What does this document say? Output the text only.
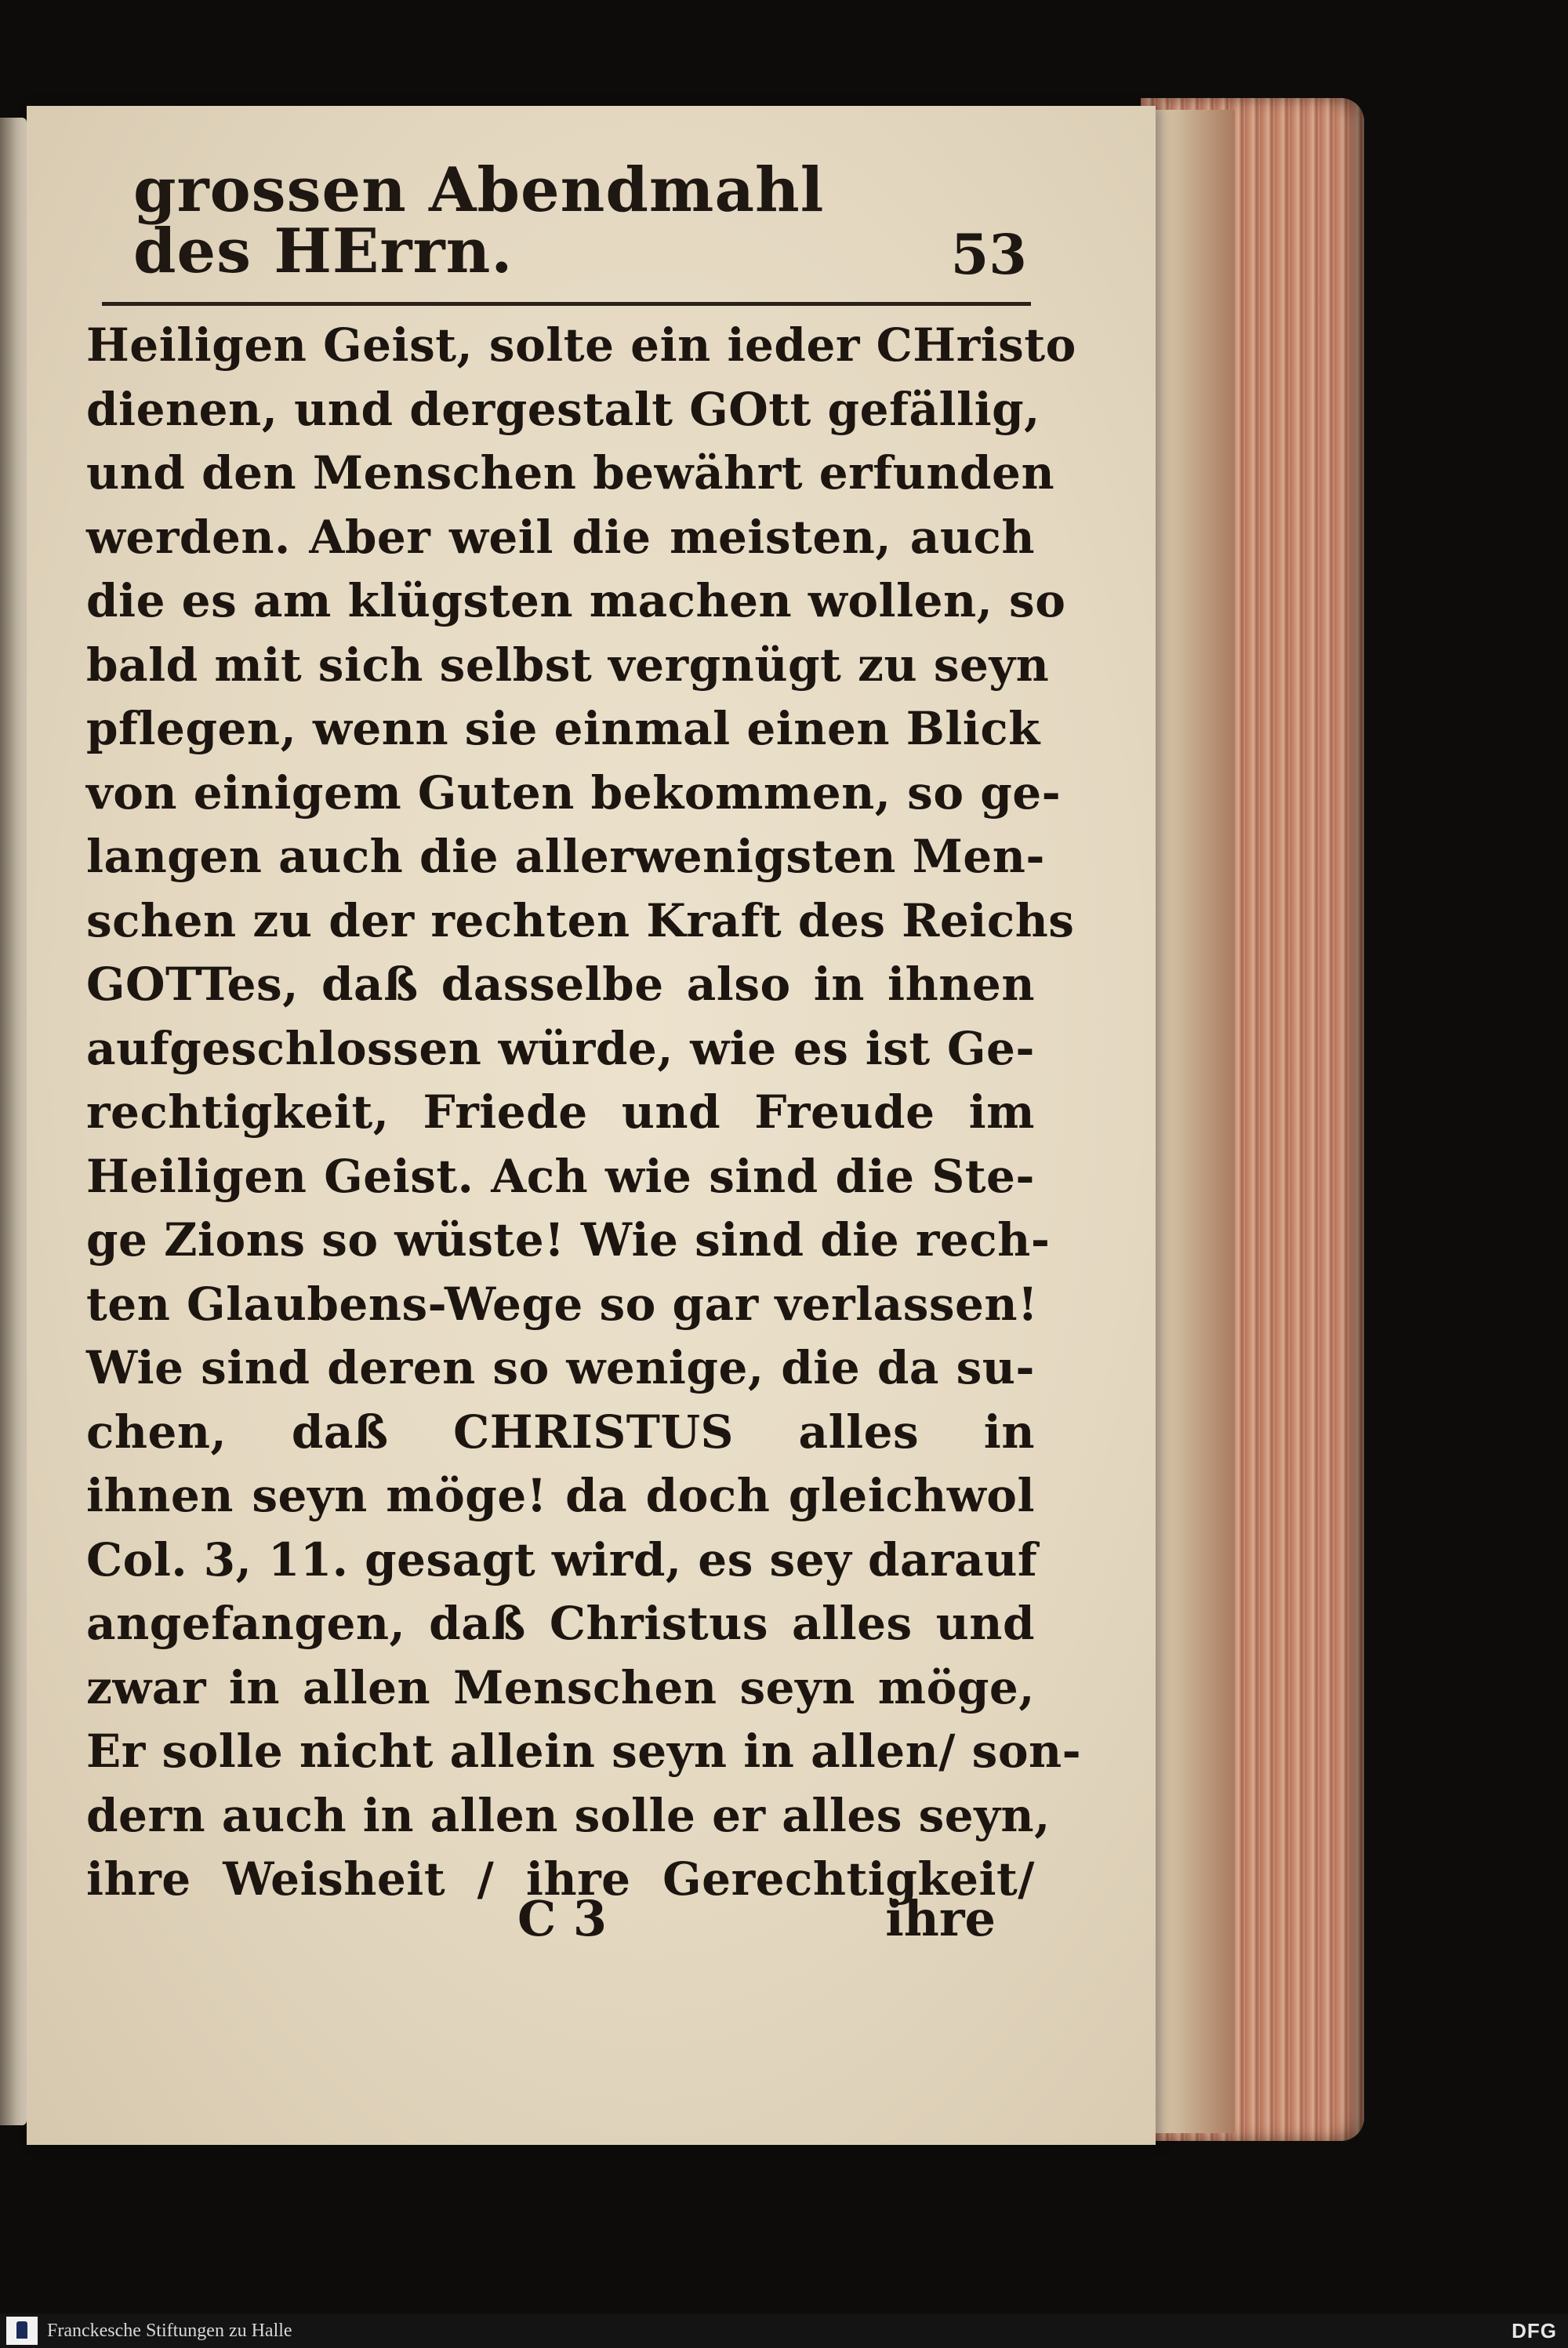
grossen Abendmahl des HErrn.	53
Heiligen Geist, solte ein ieder CHristo
dienen, und dergestalt GOtt gefällig,
und den Menschen bewährt erfunden
werden. Aber weil die meisten, auch
die es am klügsten machen wollen, so
bald mit sich selbst vergnügt zu seyn
pflegen, wenn sie einmal einen Blick
von einigem Guten bekommen, so ge-
langen auch die allerwenigsten Men-
schen zu der rechten Kraft des Reichs
GOTTes, daß dasselbe also in ihnen
aufgeschlossen würde, wie es ist Ge-
rechtigkeit, Friede und Freude im
Heiligen Geist. Ach wie sind die Ste-
ge Zions so wüste! Wie sind die rech-
ten Glaubens-Wege so gar verlassen!
Wie sind deren so wenige, die da su-
chen, daß CHRISTUS alles in
ihnen seyn möge! da doch gleichwol
Col. 3, 11. gesagt wird, es sey darauf
angefangen, daß Christus alles und
zwar in allen Menschen seyn möge,
Er solle nicht allein seyn in allen/ son-
dern auch in allen solle er alles seyn,
ihre Weisheit / ihre Gerechtigkeit/
C 3	ihre
Franckesche Stiftungen zu Halle	DFG
